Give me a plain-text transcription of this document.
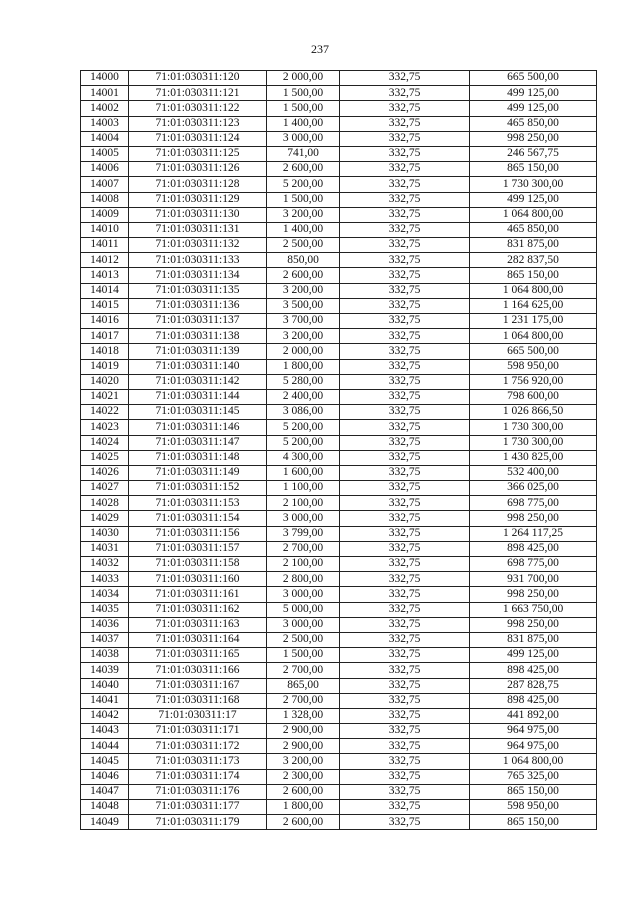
237
14000	71:01:030311:120	2 000,00	332,75	665 500,00
14001	71:01:030311:121	1 500,00	332,75	499 125,00
14002	71:01:030311:122	1 500,00	332,75	499 125,00
14003	71:01:030311:123	1 400,00	332,75	465 850,00
14004	71:01:030311:124	3 000,00	332,75	998 250,00
14005	71:01:030311:125	741,00	332,75	246 567,75
14006	71:01:030311:126	2 600,00	332,75	865 150,00
14007	71:01:030311:128	5 200,00	332,75	1 730 300,00
14008	71:01:030311:129	1 500,00	332,75	499 125,00
14009	71:01:030311:130	3 200,00	332,75	1 064 800,00
14010	71:01:030311:131	1 400,00	332,75	465 850,00
14011	71:01:030311:132	2 500,00	332,75	831 875,00
14012	71:01:030311:133	850,00	332,75	282 837,50
14013	71:01:030311:134	2 600,00	332,75	865 150,00
14014	71:01:030311:135	3 200,00	332,75	1 064 800,00
14015	71:01:030311:136	3 500,00	332,75	1 164 625,00
14016	71:01:030311:137	3 700,00	332,75	1 231 175,00
14017	71:01:030311:138	3 200,00	332,75	1 064 800,00
14018	71:01:030311:139	2 000,00	332,75	665 500,00
14019	71:01:030311:140	1 800,00	332,75	598 950,00
14020	71:01:030311:142	5 280,00	332,75	1 756 920,00
14021	71:01:030311:144	2 400,00	332,75	798 600,00
14022	71:01:030311:145	3 086,00	332,75	1 026 866,50
14023	71:01:030311:146	5 200,00	332,75	1 730 300,00
14024	71:01:030311:147	5 200,00	332,75	1 730 300,00
14025	71:01:030311:148	4 300,00	332,75	1 430 825,00
14026	71:01:030311:149	1 600,00	332,75	532 400,00
14027	71:01:030311:152	1 100,00	332,75	366 025,00
14028	71:01:030311:153	2 100,00	332,75	698 775,00
14029	71:01:030311:154	3 000,00	332,75	998 250,00
14030	71:01:030311:156	3 799,00	332,75	1 264 117,25
14031	71:01:030311:157	2 700,00	332,75	898 425,00
14032	71:01:030311:158	2 100,00	332,75	698 775,00
14033	71:01:030311:160	2 800,00	332,75	931 700,00
14034	71:01:030311:161	3 000,00	332,75	998 250,00
14035	71:01:030311:162	5 000,00	332,75	1 663 750,00
14036	71:01:030311:163	3 000,00	332,75	998 250,00
14037	71:01:030311:164	2 500,00	332,75	831 875,00
14038	71:01:030311:165	1 500,00	332,75	499 125,00
14039	71:01:030311:166	2 700,00	332,75	898 425,00
14040	71:01:030311:167	865,00	332,75	287 828,75
14041	71:01:030311:168	2 700,00	332,75	898 425,00
14042	71:01:030311:17	1 328,00	332,75	441 892,00
14043	71:01:030311:171	2 900,00	332,75	964 975,00
14044	71:01:030311:172	2 900,00	332,75	964 975,00
14045	71:01:030311:173	3 200,00	332,75	1 064 800,00
14046	71:01:030311:174	2 300,00	332,75	765 325,00
14047	71:01:030311:176	2 600,00	332,75	865 150,00
14048	71:01:030311:177	1 800,00	332,75	598 950,00
14049	71:01:030311:179	2 600,00	332,75	865 150,00
